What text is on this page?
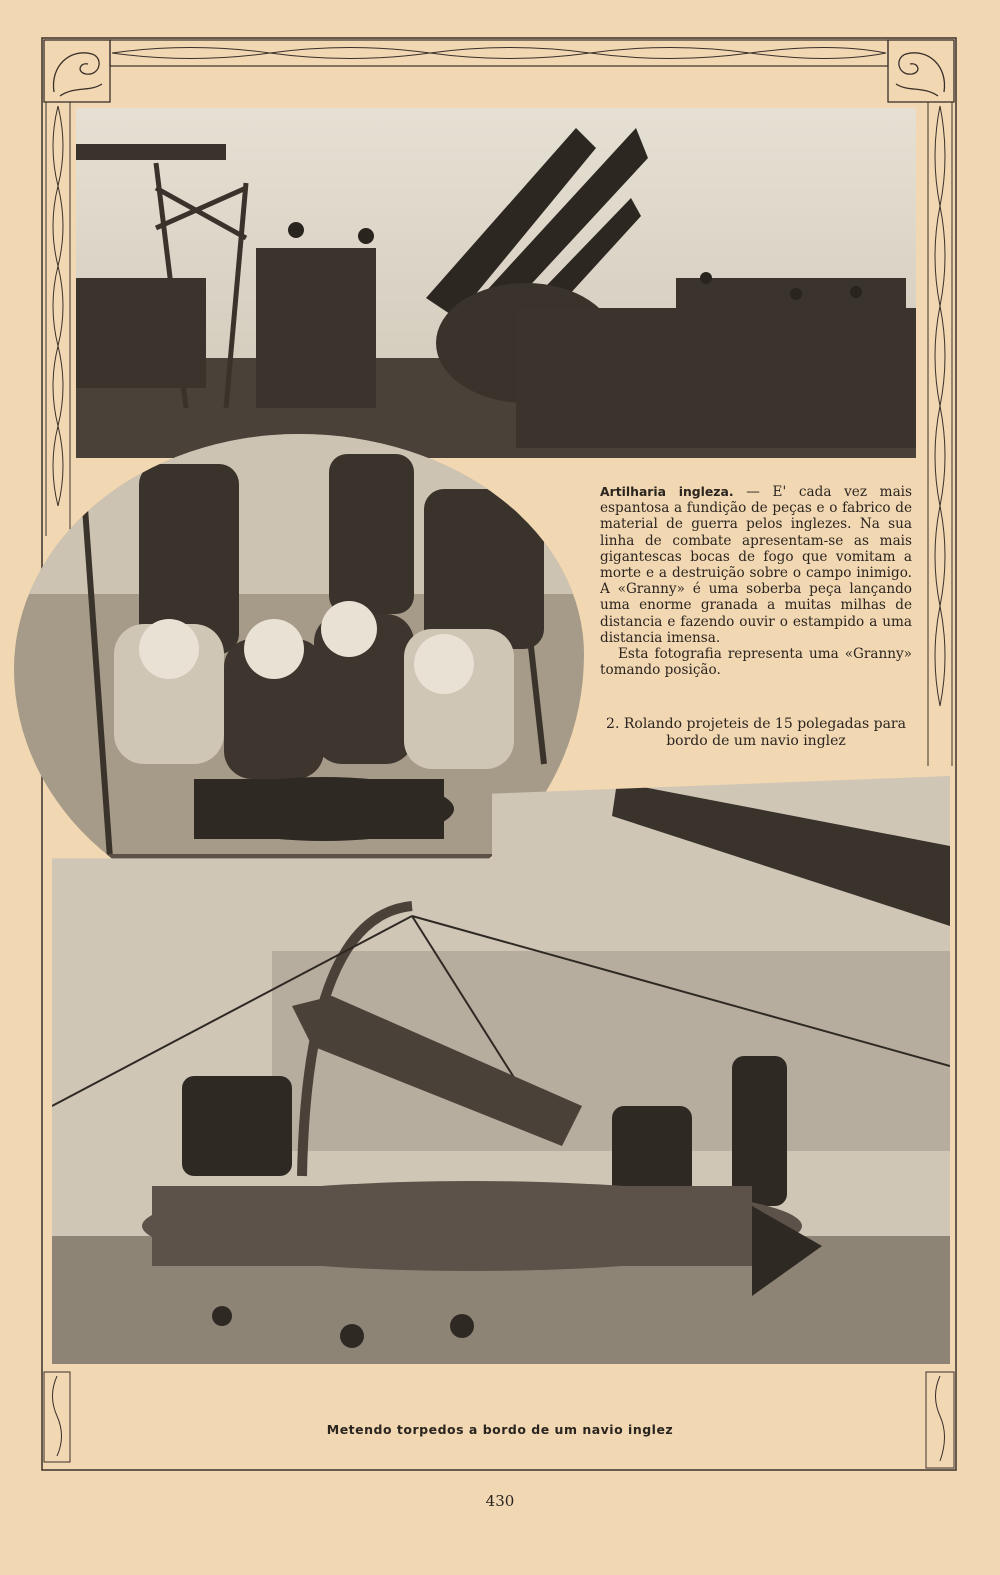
Artilharia ingleza. — E' cada vez mais espantosa a fundição de peças e o fabrico de material de guerra pelos inglezes. Na sua linha de combate apresentam-se as mais gigantescas bocas de fogo que vomitam a morte e a destruição sobre o campo inimigo. A «Granny» é uma soberba peça lançando uma enorme granada a muitas milhas de distancia e fazendo ouvir o estampido a uma distancia imensa.

Esta fotografia representa uma «Granny» tomando posição.

2. Rolando projeteis de 15 polegadas para bordo de um navio inglez
Metendo torpedos a bordo de um navio inglez
430
